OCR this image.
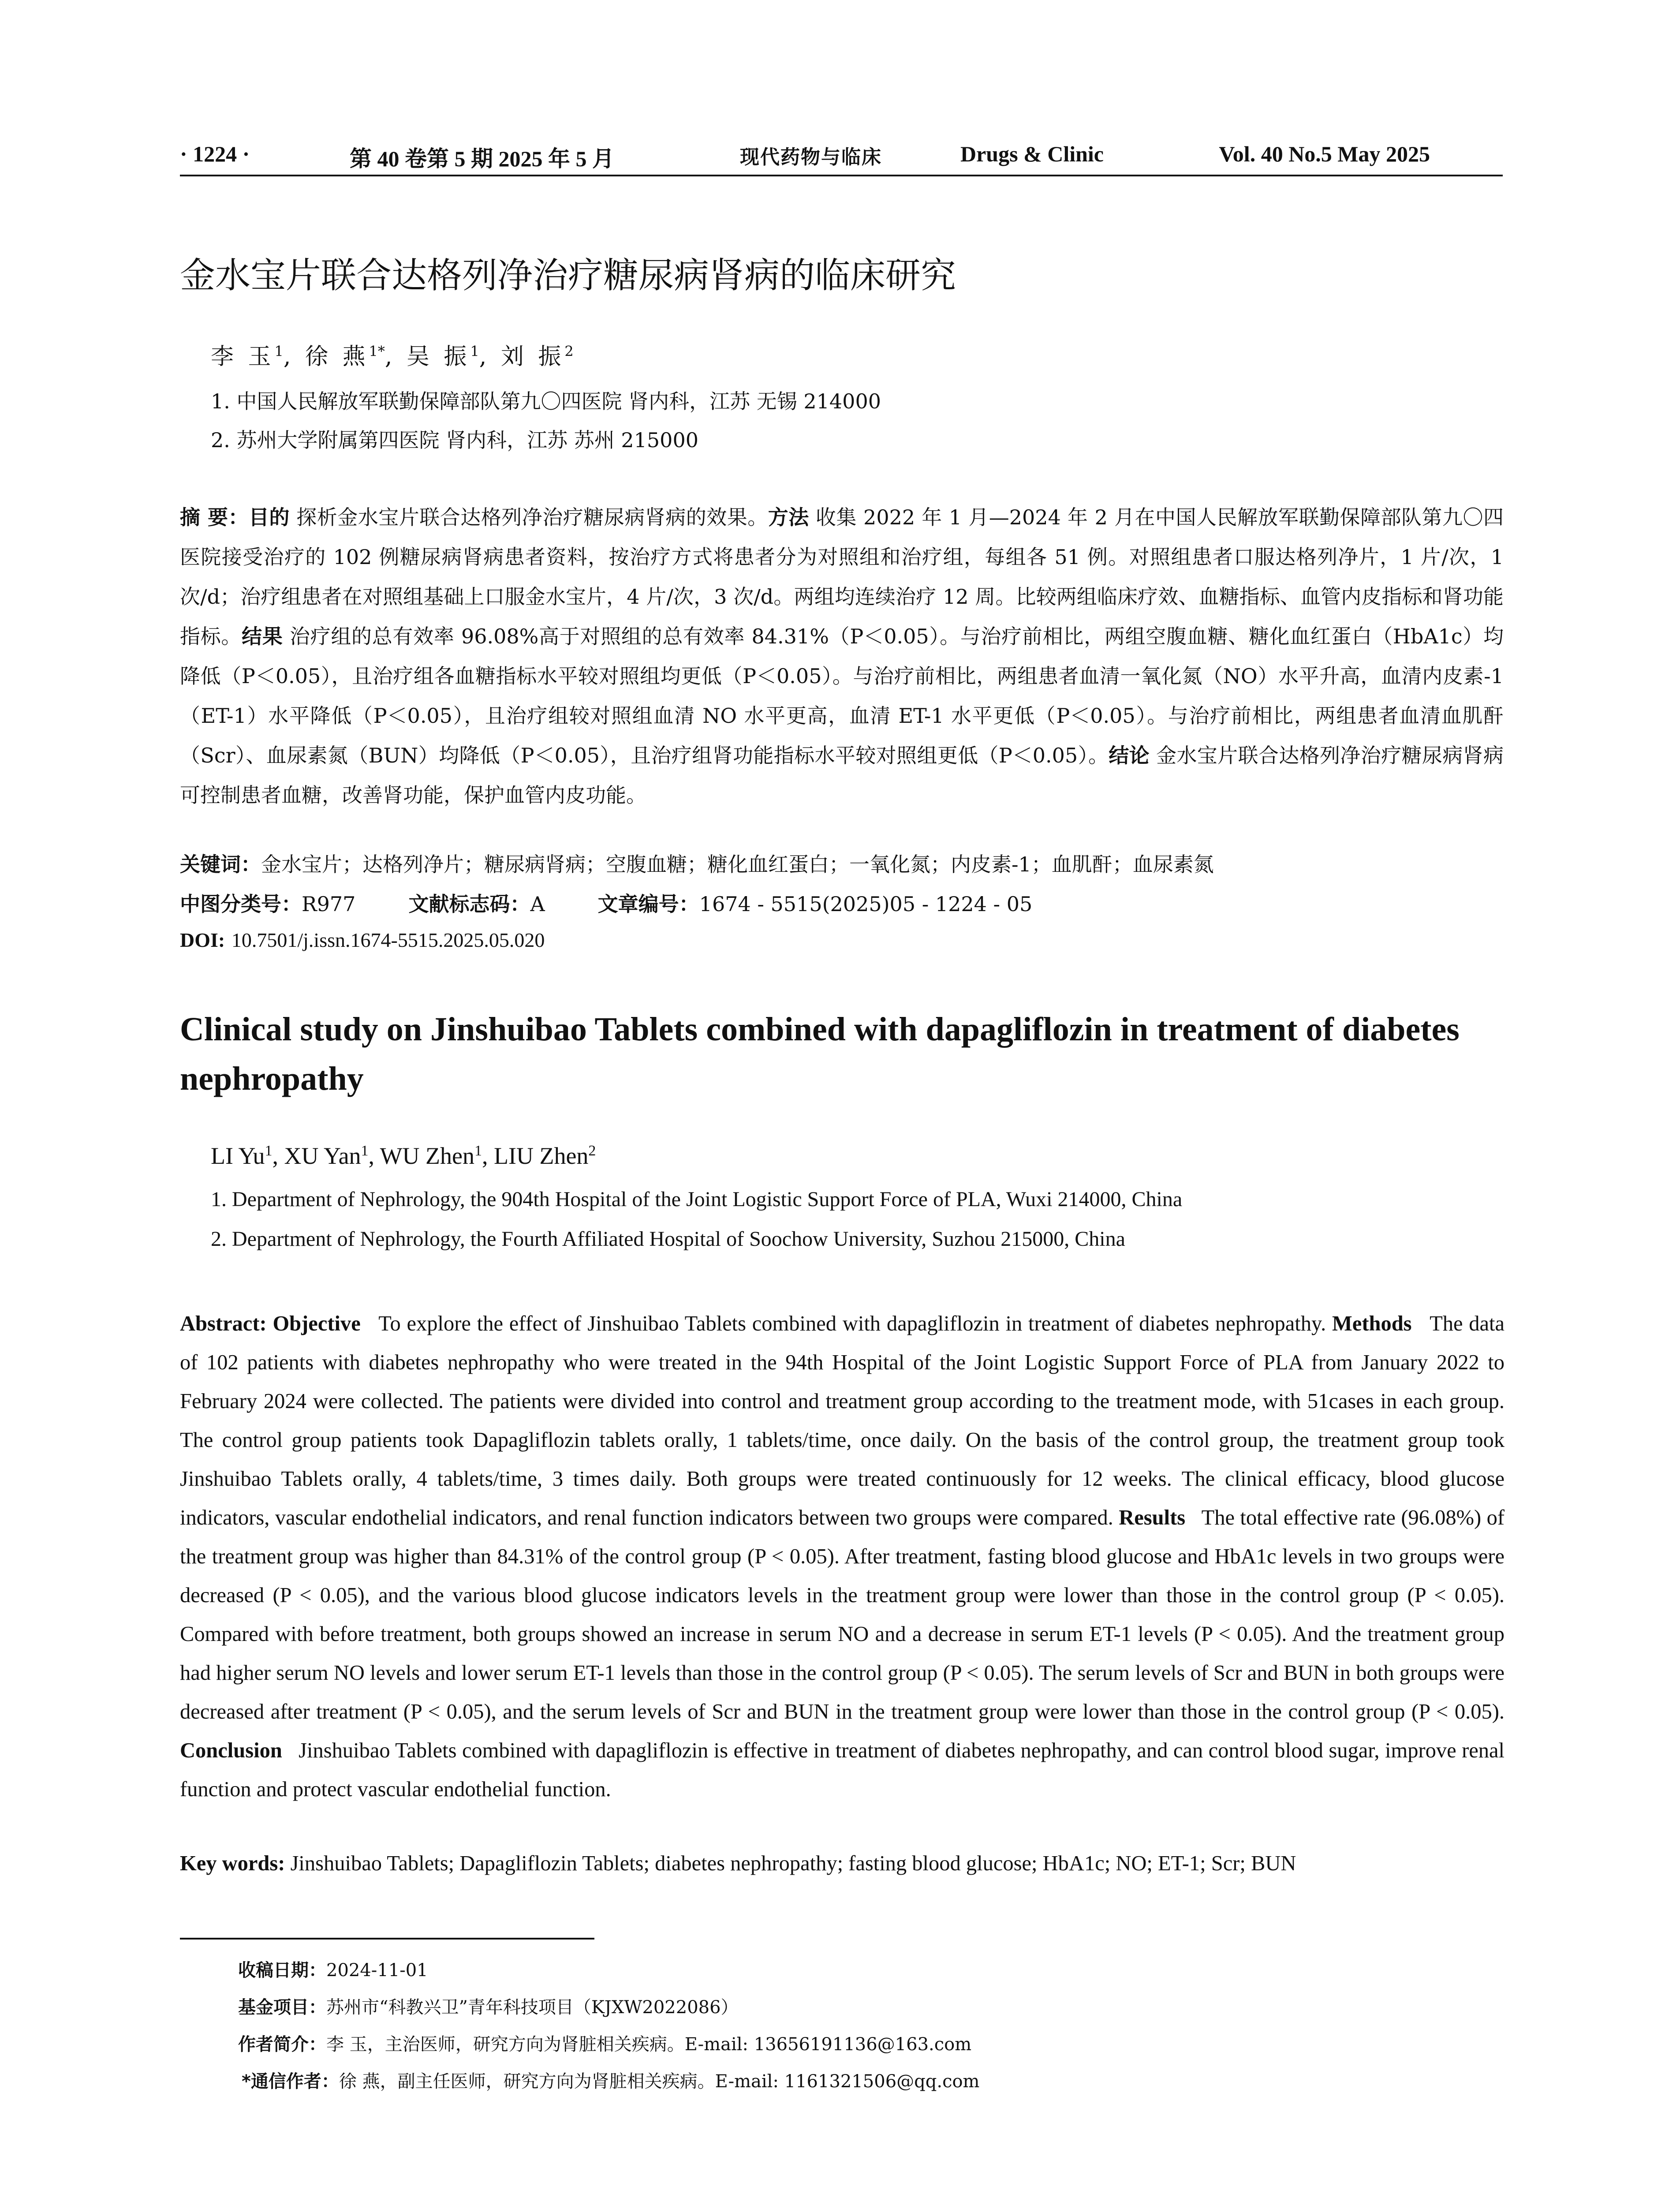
· 1224 ·	第 40 卷第 5 期 2025 年 5 月	现代药物与临床	Drugs & Clinic	Vol. 40 No.5 May 2025
金水宝片联合达格列净治疗糖尿病肾病的临床研究
李 玉$^1$, 徐 燕$^{1*}$, 吴 振$^1$, 刘 振$^2$
1. 中国人民解放军联勤保障部队第九〇四医院 肾内科，江苏 无锡 214000
2. 苏州大学附属第四医院 肾内科，江苏 苏州 215000
摘 要：目的 探析金水宝片联合达格列净治疗糖尿病肾病的效果。方法 收集 2022 年 1 月—2024 年 2 月在中国人民解放军联勤保障部队第九〇四医院接受治疗的 102 例糖尿病肾病患者资料，按治疗方式将患者分为对照组和治疗组，每组各 51 例。对照组患者口服达格列净片，1 片/次，1 次/d；治疗组患者在对照组基础上口服金水宝片，4 片/次，3 次/d。两组均连续治疗 12 周。比较两组临床疗效、血糖指标、血管内皮指标和肾功能指标。结果 治疗组的总有效率 96.08%高于对照组的总有效率 84.31%（P＜0.05）。与治疗前相比，两组空腹血糖、糖化血红蛋白（HbA1c）均降低（P＜0.05），且治疗组各血糖指标水平较对照组均更低（P＜0.05）。与治疗前相比，两组患者血清一氧化氮（NO）水平升高，血清内皮素-1（ET-1）水平降低（P＜0.05），且治疗组较对照组血清 NO 水平更高，血清 ET-1 水平更低（P＜0.05）。与治疗前相比，两组患者血清血肌酐（Scr）、血尿素氮（BUN）均降低（P＜0.05），且治疗组肾功能指标水平较对照组更低（P＜0.05）。结论 金水宝片联合达格列净治疗糖尿病肾病可控制患者血糖，改善肾功能，保护血管内皮功能。
关键词：金水宝片；达格列净片；糖尿病肾病；空腹血糖；糖化血红蛋白；一氧化氮；内皮素-1；血肌酐；血尿素氮
中图分类号：R977	文献标志码：A	文章编号：1674 - 5515(2025)05 - 1224 - 05
DOI: 10.7501/j.issn.1674-5515.2025.05.020
Clinical study on Jinshuibao Tablets combined with dapagliflozin in treatment of diabetes nephropathy
LI Yu$^1$, XU Yan$^1$, WU Zhen$^1$, LIU Zhen$^2$
1. Department of Nephrology, the 904th Hospital of the Joint Logistic Support Force of PLA, Wuxi 214000, China
2. Department of Nephrology, the Fourth Affiliated Hospital of Soochow University, Suzhou 215000, China
Abstract: Objective To explore the effect of Jinshuibao Tablets combined with dapagliflozin in treatment of diabetes nephropathy. Methods The data of 102 patients with diabetes nephropathy who were treated in the 94th Hospital of the Joint Logistic Support Force of PLA from January 2022 to February 2024 were collected. The patients were divided into control and treatment group according to the treatment mode, with 51cases in each group. The control group patients took Dapagliflozin tablets orally, 1 tablets/time, once daily. On the basis of the control group, the treatment group took Jinshuibao Tablets orally, 4 tablets/time, 3 times daily. Both groups were treated continuously for 12 weeks. The clinical efficacy, blood glucose indicators, vascular endothelial indicators, and renal function indicators between two groups were compared. Results The total effective rate (96.08%) of the treatment group was higher than 84.31% of the control group (P < 0.05). After treatment, fasting blood glucose and HbA1c levels in two groups were decreased (P < 0.05), and the various blood glucose indicators levels in the treatment group were lower than those in the control group (P < 0.05). Compared with before treatment, both groups showed an increase in serum NO and a decrease in serum ET-1 levels (P < 0.05). And the treatment group had higher serum NO levels and lower serum ET-1 levels than those in the control group (P < 0.05). The serum levels of Scr and BUN in both groups were decreased after treatment (P < 0.05), and the serum levels of Scr and BUN in the treatment group were lower than those in the control group (P < 0.05). Conclusion Jinshuibao Tablets combined with dapagliflozin is effective in treatment of diabetes nephropathy, and can control blood sugar, improve renal function and protect vascular endothelial function.
Key words: Jinshuibao Tablets; Dapagliflozin Tablets; diabetes nephropathy; fasting blood glucose; HbA1c; NO; ET-1; Scr; BUN
收稿日期：2024-11-01
基金项目：苏州市“科教兴卫”青年科技项目（KJXW2022086）
作者简介：李 玉，主治医师，研究方向为肾脏相关疾病。E-mail: 13656191136@163.com
*通信作者：徐 燕，副主任医师，研究方向为肾脏相关疾病。E-mail: 1161321506@qq.com
